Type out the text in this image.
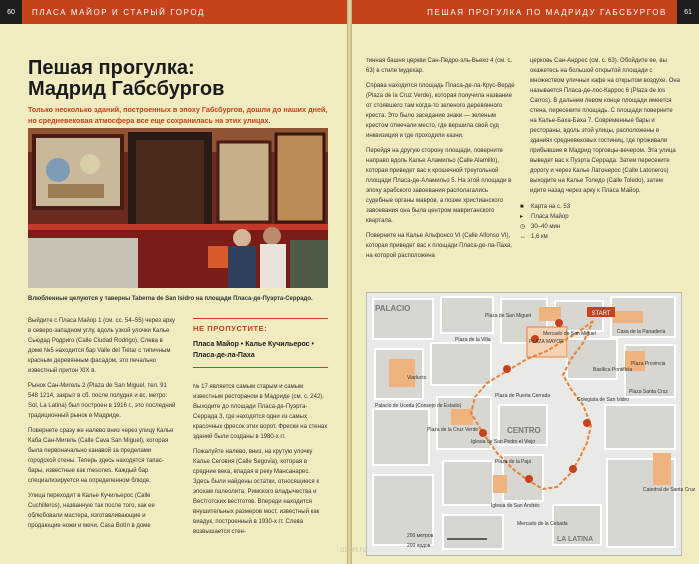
60	ПЛАСА МАЙОР И СТАРЫЙ ГОРОД
Пешая прогулка:
Мадрид Габсбургов
Только несколько зданий, построенных в эпоху Габсбургов, дошли до наших дней, но средневековая атмосфера все еще сохранилась на этих улицах.
Влюбленные целуются у таверны Taberna de San Isidro на площади Пласа-де-Пуэрта-Серрадо.

Выйдите с Пласа Майор 1 (см. сс. 54–55) через арку в северо-западном углу, вдоль узкой улочки Калье Сьюдад Родриго (Calle Ciudad Rodrigo). Слева в доме №5 находится бар Valle del Tiétar с типичным красным деревянным фасадом, это печально известный притон XIX в.

Рынок Сан-Мигель 2 (Plaza de San Miguel, тел. 91 548 1214, закрыт в сб. после полудня и вс, метро: Sol, La Latina) был построен в 1916 г., это последний традиционный рынок в Мадриде.

Повернете сразу же налево вниз через улицу Калье Каба Сан-Мигель (Calle Cava San Miguel), которая была первоначально канавой за пределами городской стены. Теперь здесь находятся тапас-бары, известные как mesones. Каждый бар специализируется на определенном блюде.

Улица переходит в Калье Кучильерос (Calle Cuchilleros), названную так после того, как ее облюбовали мастера, изготавливающие и продающие ножи и мечи. Casa Botín в доме

НЕ ПРОПУСТИТЕ:
Пласа Майор • Калье Кучильерос • Пласа-де-ла-Паха

№ 17 является самым старым и самым известным рестораном в Мадриде (см. с. 242). Выходите до площади Пласа-де-Пуэрта-Серрада 3, где находятся одни из самых красочных фресок этих ворот. Фрески на стенах зданий были созданы в 1980-х гг.

Пожалуйте налево, вниз, на крутую улочку Калье Сеговия (Calle Segovia), которая в средние века, впадая в реку Мансанарес. Здесь были найдены остатки, относящиеся к эпохам палеолита, Римского владычества и Вестготских вестготов. Впереди находится внушительных размеров мост, известный как виадук, построенный в 1930-х гг. Слева возвышается стен-

ПЕШАЯ ПРОГУЛКА ПО МАДРИДУ ГАБСБУРГОВ	61

тинная башня церкви Сан-Педро-эль-Вьехо 4 (см. с. 63) в стиле мудехар.

Справа находится площадь Пласа-де-ла-Крус-Верде (Plaza de la Cruz Verde), которая получила название от стоявшего там когда-то зеленого деревянного креста. Это было заседание знаки — зеленым крестом отмечали место, где вершила свой суд инквизиция и где проходили казни.

Перейдя на другую сторону площади, поверните направо вдоль Калье Аламильо (Calle Alamillo), которая приведет вас к крошечной треугольной площади Пласа-де-Аламильо 5. На этой площади в эпоху арабского завоевания располагались судебные органы мавров, а позже христианского завоевания она была центром мавританского квартала.

Поверните на Калье Альфонсо VI (Calle Alfonso VI), которая приведет вас к площади Пласа-де-ла-Паха, на которой расположена

церковь Сан-Андрес (см. с. 63). Обойдите ее, вы окажетесь на большой открытой площади с множеством уличных кафе на открытом воздухе. Она называется Пласа-де-лос-Каррос 6 (Plaza de los Carros). В дальнем левом конце площади имеется стена, пересеките площадь. С площади поверните на Калье-Баха-Баха 7. Современные бары и рестораны, вдоль этой улицы, расположены в зданиях средневековых гостиниц, где проживали прибывшие в Мадрид торговцы-вечером. Эта улица выведет вас к Пуэрта Серрада. Затем пересеките дорогу и через Калье Латонерос (Calle Latoneros) выходите на Калье Толедо (Calle Toledo), затем идите назад через арку к Пласа Майор.

■	Карта на с. 53
▸	Пласа Майор
◷ 30–40 мин
↔ 1,6 км
START
PALACIO
CENTRO
LA LATINA
PLAZA MAYOR
Plaza de San Miguel
Plaza de la Villa
Viaducto
Plaza de la Cruz Verde
Iglesia de San Pedro el Viejo
Plaza de la Paja
Palacio de Uceda (Consejo de Estado)
Mercado de San Miguel	Casa de la Panadería
Plaza de Puerta Cerrada
Basílica Pontificia
Colegiata de San Isidro
Iglesia de San Andrés
Mercado de la Cebada
Plaza Provincia
Catedral de Santa Cruz
Plaza Santa Cruz
200 метров
200 ярдов
ozon.ru
